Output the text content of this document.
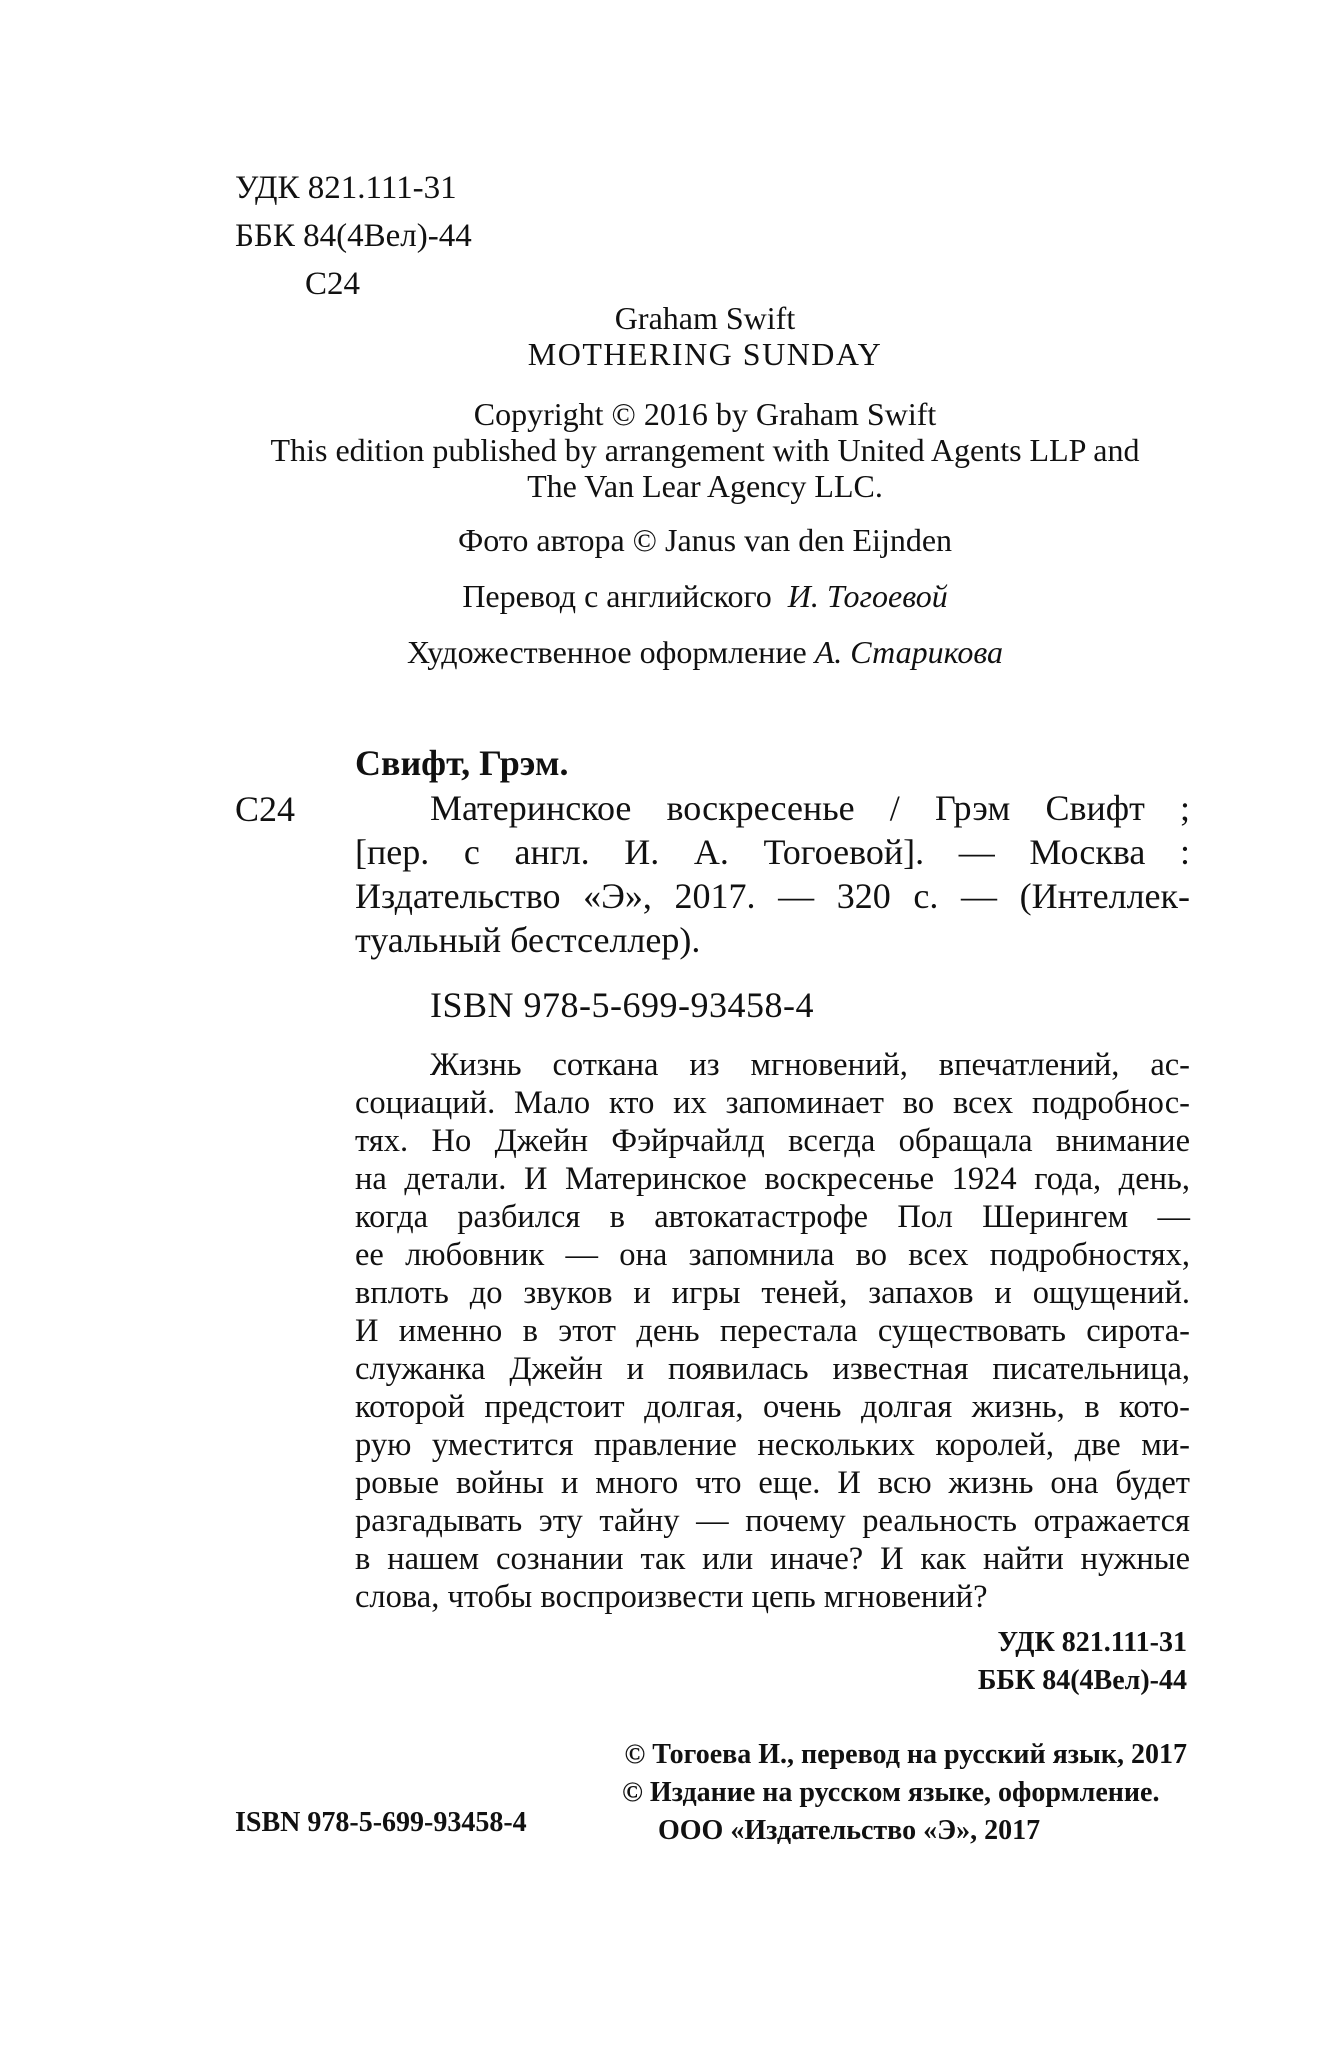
УДК 821.111-31
ББК 84(4Вел)-44
С24
Graham Swift
MOTHERING SUNDAY
Copyright © 2016 by Graham Swift
This edition published by arrangement with United Agents LLP and
The Van Lear Agency LLC.
Фото автора © Janus van den Eijnden
Перевод с английского И. Тогоевой
Художественное оформление А. Старикова
Свифт, Грэм.
С24	Материнское воскресенье / Грэм Свифт ;
[пер. с англ. И. А. Тогоевой]. — Москва :
Издательство «Э», 2017. — 320 с. — (Интеллек-
туальный бестселлер).
ISBN 978-5-699-93458-4
Жизнь соткана из мгновений, впечатлений, ас-
социаций. Мало кто их запоминает во всех подробнос-
тях. Но Джейн Фэйрчайлд всегда обращала внимание
на детали. И Материнское воскресенье 1924 года, день,
когда разбился в автокатастрофе Пол Шерингем —
ее любовник — она запомнила во всех подробностях,
вплоть до звуков и игры теней, запахов и ощущений.
И именно в этот день перестала существовать сирота-
служанка Джейн и появилась известная писательница,
которой предстоит долгая, очень долгая жизнь, в кото-
рую уместится правление нескольких королей, две ми-
ровые войны и много что еще. И всю жизнь она будет
разгадывать эту тайну — почему реальность отражается
в нашем сознании так или иначе? И как найти нужные
слова, чтобы воспроизвести цепь мгновений?
УДК 821.111-31
ББК 84(4Вел)-44
© Тогоева И., перевод на русский язык, 2017
© Издание на русском языке, оформление.
ООО «Издательство «Э», 2017
ISBN 978-5-699-93458-4
